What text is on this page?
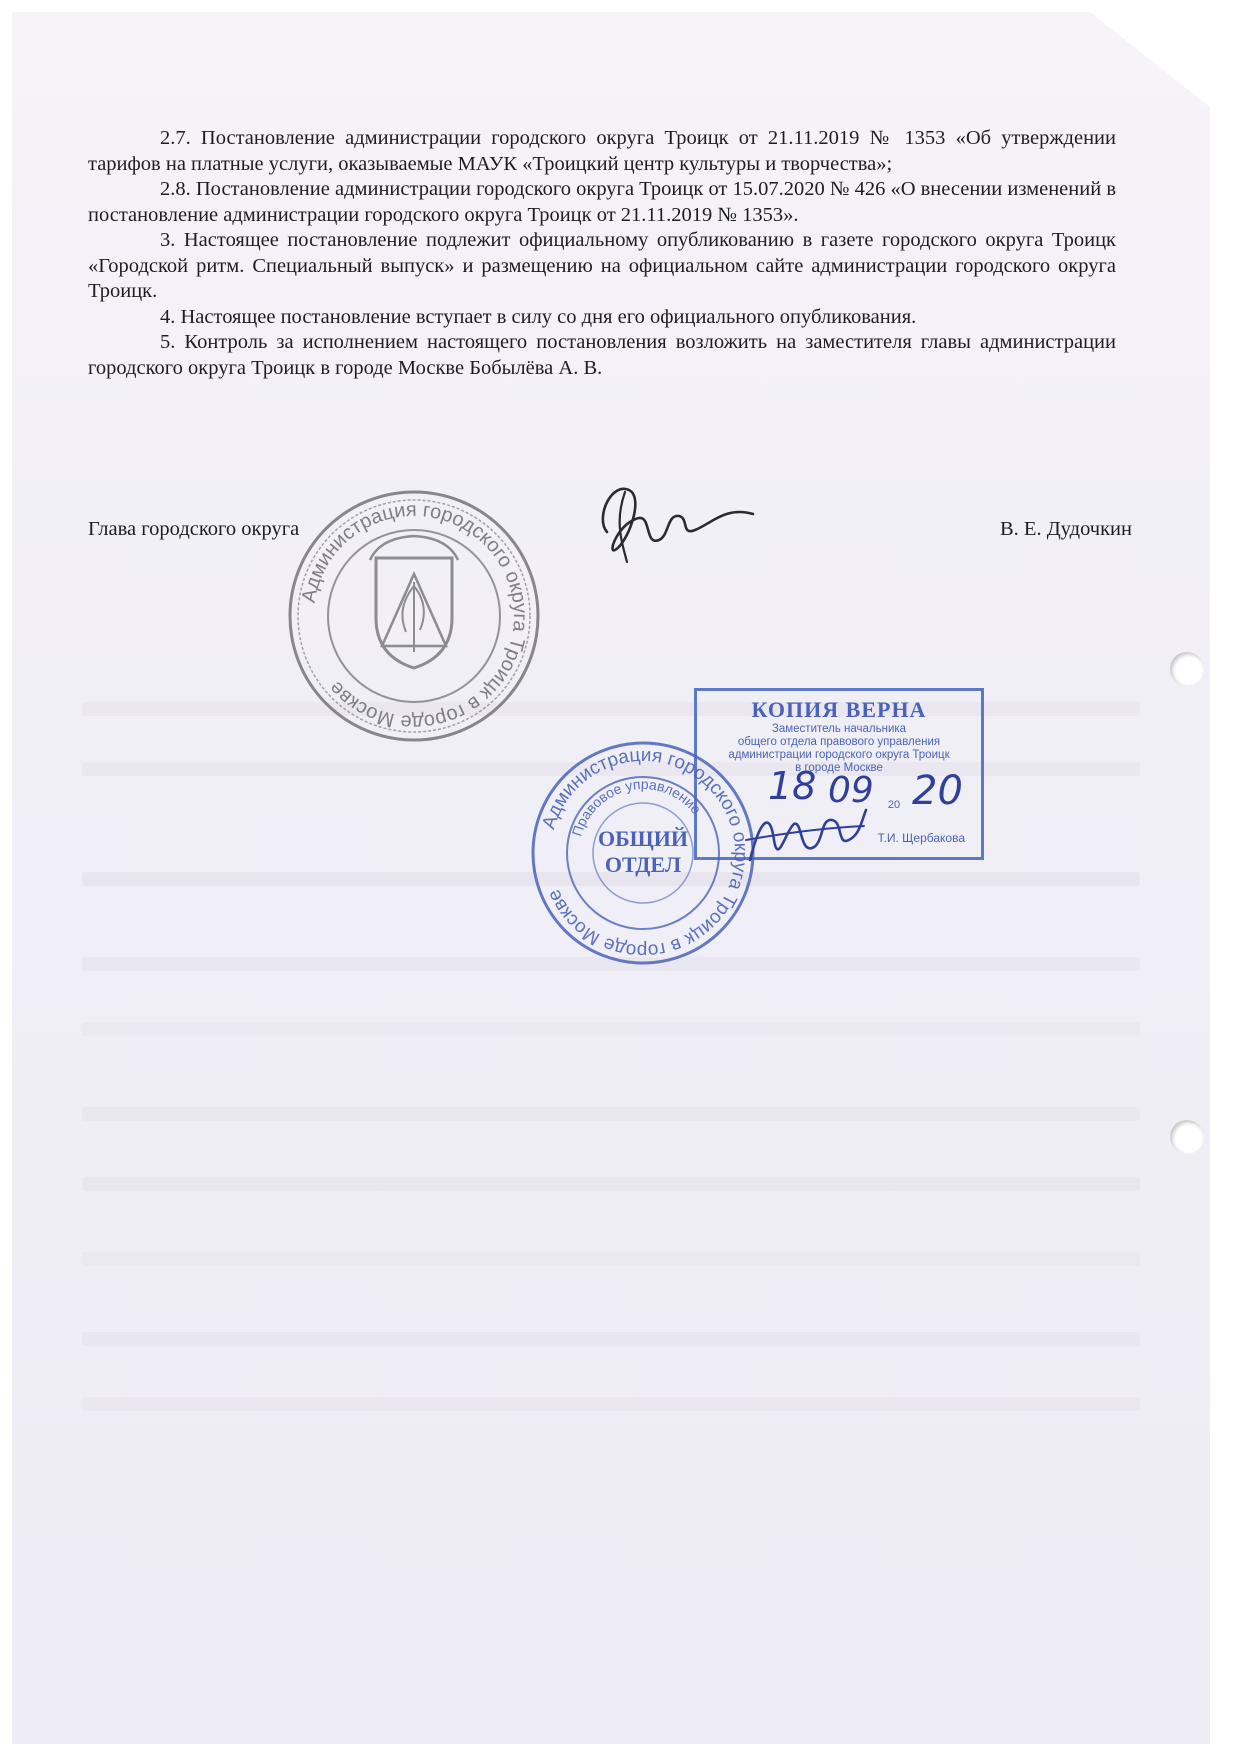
2.7. Постановление администрации городского округа Троицк от 21.11.2019 № 1353 «Об утверждении тарифов на платные услуги, оказываемые МАУК «Троицкий центр культуры и творчества»;

2.8. Постановление администрации городского округа Троицк от 15.07.2020 № 426 «О внесении изменений в постановление администрации городского округа Троицк от 21.11.2019 № 1353».

3. Настоящее постановление подлежит официальному опубликованию в газете городского округа Троицк «Городской ритм. Специальный выпуск» и размещению на официальном сайте администрации городского округа Троицк.

4. Настоящее постановление вступает в силу со дня его официального опубликования.

5. Контроль за исполнением настоящего постановления возложить на заместителя главы администрации городского округа Троицк в городе Москве Бобылёва А. В.

Администрация городского округа Троицк в городе Москве
Глава городского округа	В. Е. Дудочкин
КОПИЯ ВЕРНА
Заместитель начальника
общего отдела правового управления
администрации городского округа Троицк
в городе Москве
20
Т.И. Щербакова
18 09 20
Администрация городского округа Троицк в городе Москве
Правовое управление
ОБЩИЙ
ОТДЕЛ
